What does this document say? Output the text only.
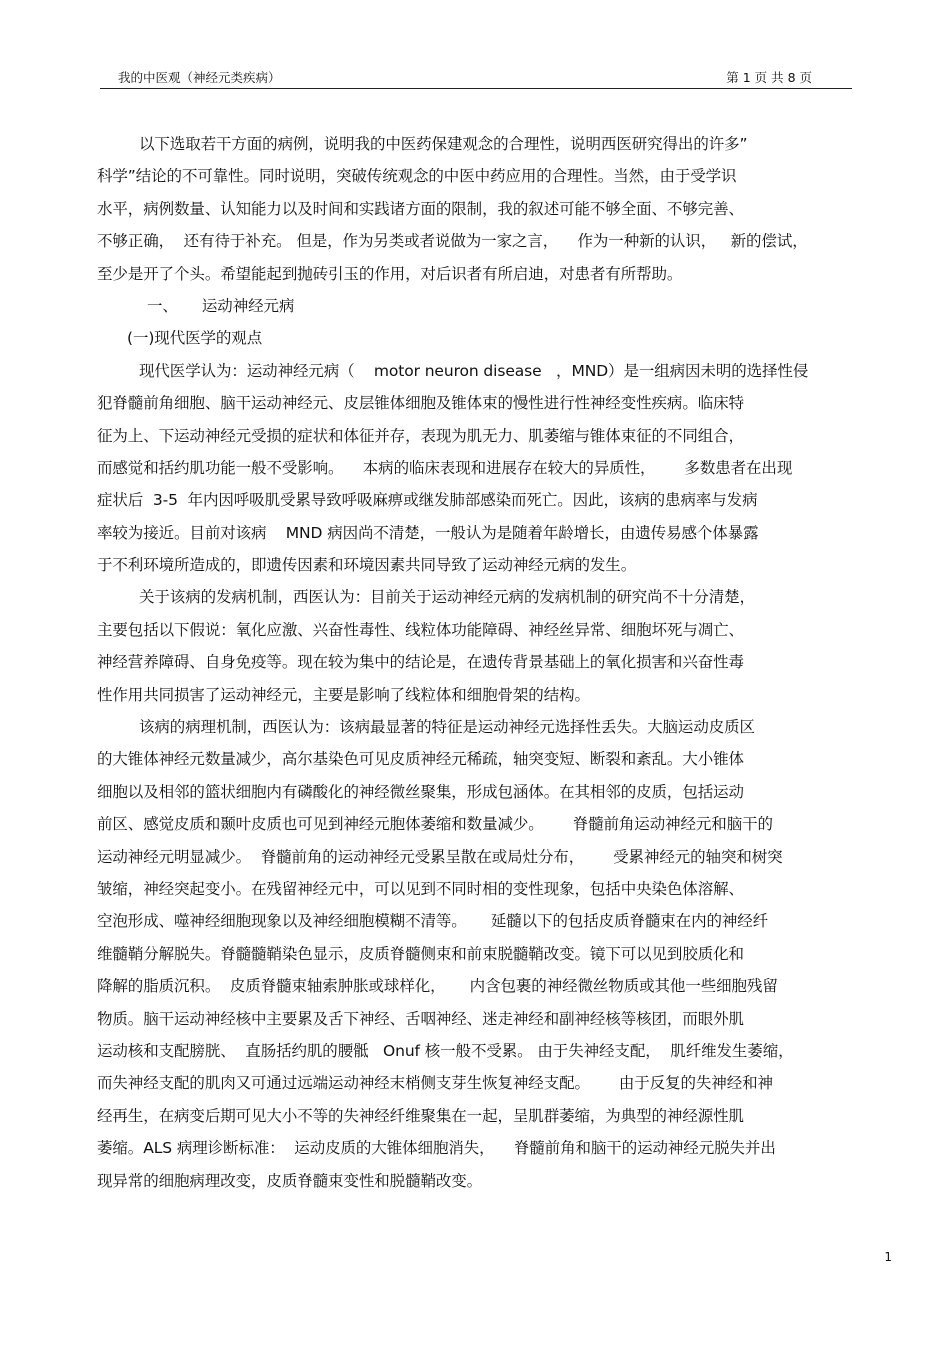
我的中医观（神经元类疾病）	第 1 页 共 8 页
以下选取若干方面的病例，说明我的中医药保建观念的合理性，说明西医研究得出的许多”
科学”结论的不可靠性。同时说明，突破传统观念的中医中药应用的合理性。当然，由于受学识
水平，病例数量、认知能力以及时间和实践诸方面的限制，我的叙述可能不够全面、不够完善、
不够正确，  还有待于补充。 但是，作为另类或者说做为一家之言，    作为一种新的认识，   新的偿试，
至少是开了个头。希望能起到抛砖引玉的作用，对后识者有所启迪，对患者有所帮助。
一、     运动神经元病
(一)现代医学的观点
现代医学认为：运动神经元病（    motor neuron disease   ，MND）是一组病因未明的选择性侵
犯脊髓前角细胞、脑干运动神经元、皮层锥体细胞及锥体束的慢性进行性神经变性疾病。临床特
征为上、下运动神经元受损的症状和体征并存，表现为肌无力、肌萎缩与锥体束征的不同组合，
而感觉和括约肌功能一般不受影响。    本病的临床表现和进展存在较大的异质性，      多数患者在出现
症状后  3-5  年内因呼吸肌受累导致呼吸麻痹或继发肺部感染而死亡。因此，该病的患病率与发病
率较为接近。目前对该病    MND 病因尚不清楚，一般认为是随着年龄增长，由遗传易感个体暴露
于不利环境所造成的，即遗传因素和环境因素共同导致了运动神经元病的发生。
关于该病的发病机制，西医认为：目前关于运动神经元病的发病机制的研究尚不十分清楚，
主要包括以下假说：氧化应激、兴奋性毒性、线粒体功能障碍、神经丝异常、细胞坏死与凋亡、
神经营养障碍、自身免疫等。现在较为集中的结论是，在遗传背景基础上的氧化损害和兴奋性毒
性作用共同损害了运动神经元，主要是影响了线粒体和细胞骨架的结构。
该病的病理机制，西医认为：该病最显著的特征是运动神经元选择性丢失。大脑运动皮质区
的大锥体神经元数量减少，高尔基染色可见皮质神经元稀疏，轴突变短、断裂和紊乱。大小锥体
细胞以及相邻的篮状细胞内有磷酸化的神经微丝聚集，形成包涵体。在其相邻的皮质，包括运动
前区、感觉皮质和颞叶皮质也可见到神经元胞体萎缩和数量减少。      脊髓前角运动神经元和脑干的
运动神经元明显减少。  脊髓前角的运动神经元受累呈散在或局灶分布，      受累神经元的轴突和树突
皱缩，神经突起变小。在残留神经元中，可以见到不同时相的变性现象，包括中央染色体溶解、
空泡形成、噬神经细胞现象以及神经细胞模糊不清等。     延髓以下的包括皮质脊髓束在内的神经纤
维髓鞘分解脱失。脊髓髓鞘染色显示，皮质脊髓侧束和前束脱髓鞘改变。镜下可以见到胶质化和
降解的脂质沉积。  皮质脊髓束轴索肿胀或球样化，     内含包裹的神经微丝物质或其他一些细胞残留
物质。脑干运动神经核中主要累及舌下神经、舌咽神经、迷走神经和副神经核等核团，而眼外肌
运动核和支配膀胱、  直肠括约肌的腰骶   Onuf 核一般不受累。 由于失神经支配，  肌纤维发生萎缩，
而失神经支配的肌肉又可通过远端运动神经末梢侧支芽生恢复神经支配。      由于反复的失神经和神
经再生，在病变后期可见大小不等的失神经纤维聚集在一起，呈肌群萎缩，为典型的神经源性肌
萎缩。ALS 病理诊断标准：  运动皮质的大锥体细胞消失，    脊髓前角和脑干的运动神经元脱失并出
现异常的细胞病理改变，皮质脊髓束变性和脱髓鞘改变。
1
